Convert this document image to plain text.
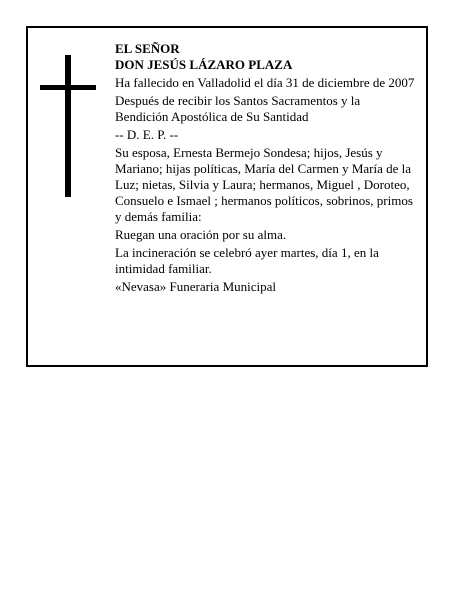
EL SEÑOR

DON JESÚS LÁZARO PLAZA

Ha fallecido en Valladolid el día 31 de diciembre de 2007

Después de recibir los Santos Sacramentos y la Bendición Apostólica de Su Santidad

-- D. E. P. --

Su esposa, Ernesta Bermejo Sondesa; hijos, Jesús y Mariano; hijas políticas, María del Carmen y María de la Luz; nietas, Silvia y Laura; hermanos, Miguel , Doroteo, Consuelo e Ismael ; hermanos políticos, sobrinos, primos y demás familia:

Ruegan una oración por su alma.

La incineración se celebró ayer martes, día 1, en la intimidad familiar.

«Nevasa» Funeraria Municipal
